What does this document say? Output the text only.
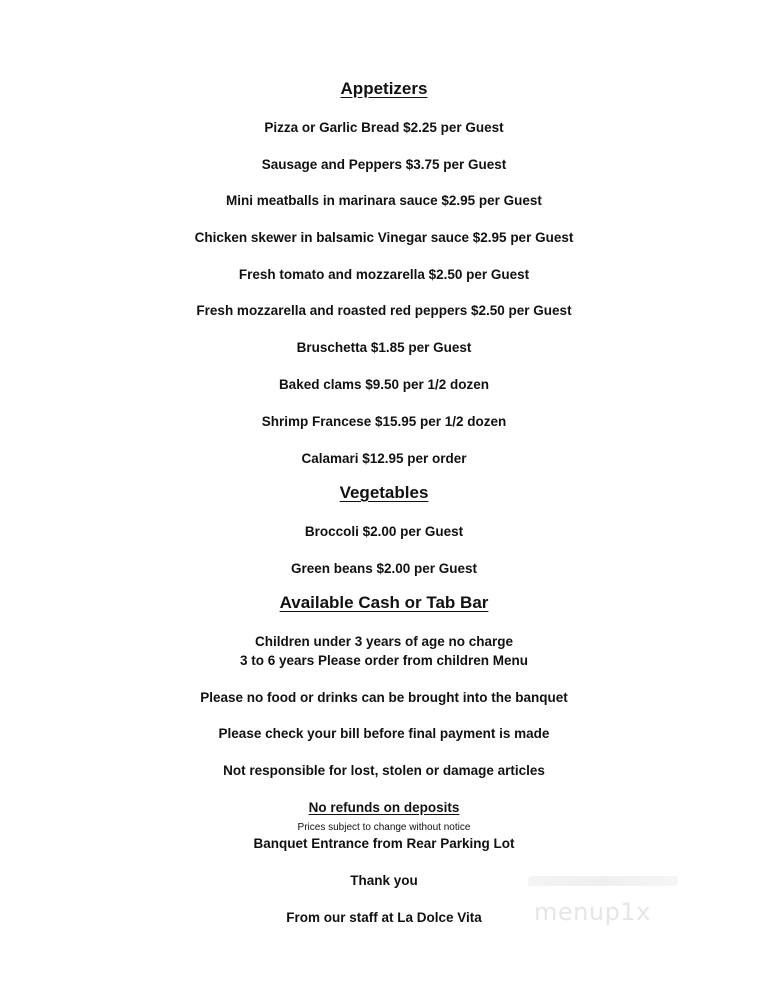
Appetizers
Pizza or Garlic Bread $2.25 per Guest
Sausage and Peppers $3.75 per Guest
Mini meatballs in marinara sauce $2.95 per Guest
Chicken skewer in balsamic Vinegar sauce $2.95 per Guest
Fresh tomato and mozzarella $2.50 per Guest
Fresh mozzarella and roasted red peppers $2.50 per Guest
Bruschetta $1.85 per Guest
Baked clams $9.50 per 1/2 dozen
Shrimp Francese $15.95 per 1/2 dozen
Calamari $12.95 per order
Vegetables
Broccoli $2.00 per Guest
Green beans $2.00 per Guest
Available Cash or Tab Bar
Children under 3 years of age no charge
3 to 6 years Please order from children Menu
Please no food or drinks can be brought into the banquet
Please check your bill before final payment is made
Not responsible for lost, stolen or damage articles
No refunds on deposits
Prices subject to change without notice
Banquet Entrance from Rear Parking Lot
Thank you
From our staff at La Dolce Vita	menup1x
